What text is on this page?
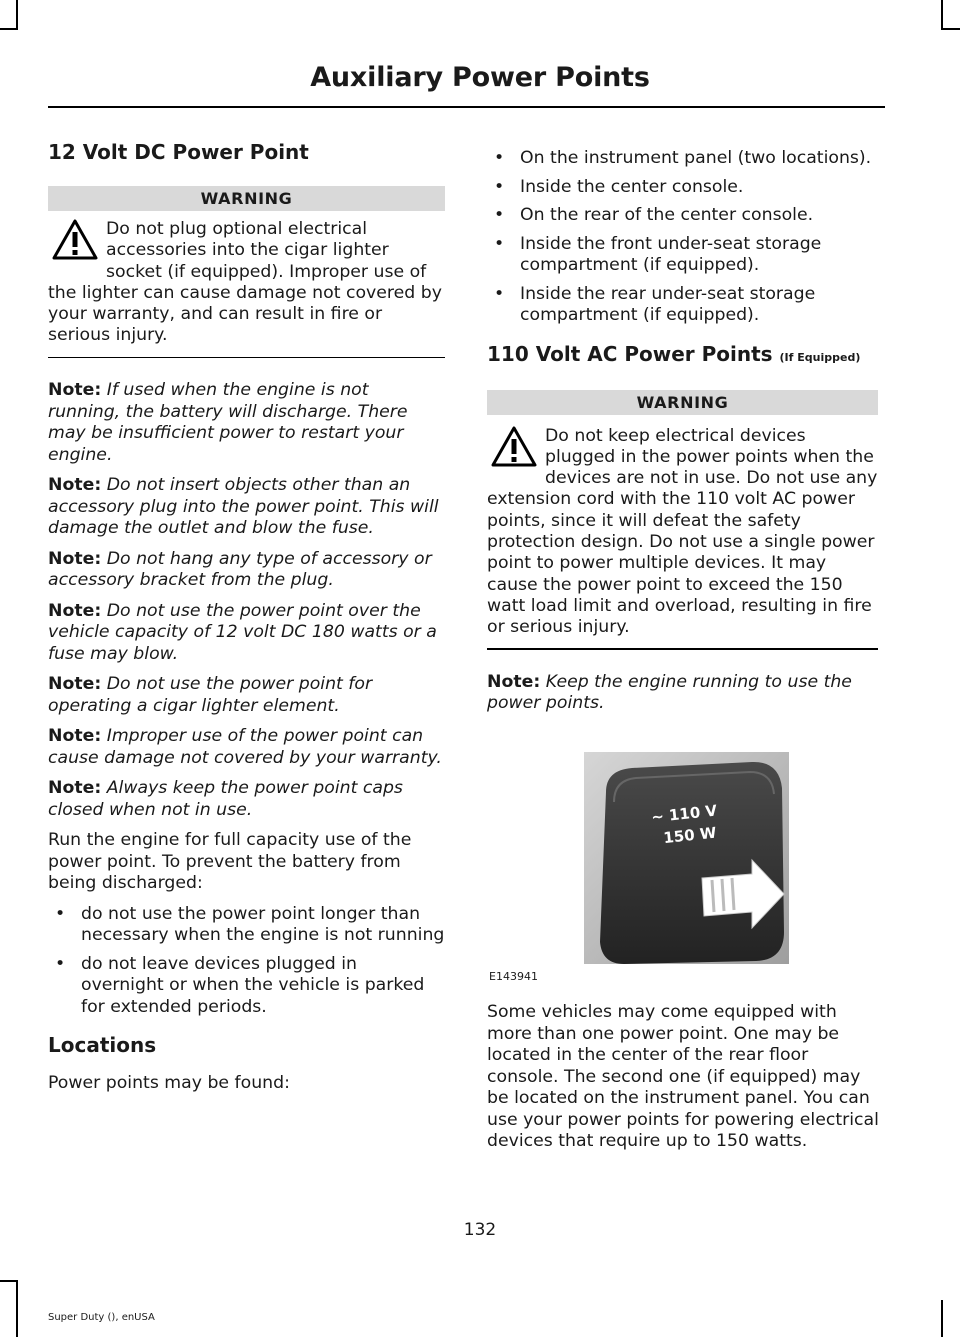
Auxiliary Power Points
12 Volt DC Power Point
WARNING
Do not plug optional electrical accessories into the cigar lighter socket (if equipped). Improper use of the lighter can cause damage not covered by your warranty, and can result in fire or serious injury.

Note: If used when the engine is not running, the battery will discharge. There may be insufficient power to restart your engine.

Note: Do not insert objects other than an accessory plug into the power point. This will damage the outlet and blow the fuse.

Note: Do not hang any type of accessory or accessory bracket from the plug.

Note: Do not use the power point over the vehicle capacity of 12 volt DC 180 watts or a fuse may blow.

Note: Do not use the power point for operating a cigar lighter element.

Note: Improper use of the power point can cause damage not covered by your warranty.

Note: Always keep the power point caps closed when not in use.

Run the engine for full capacity use of the power point. To prevent the battery from being discharged:

• do not use the power point longer than necessary when the engine is not running
• do not leave devices plugged in overnight or when the vehicle is parked for extended periods.
Locations

Power points may be found:

• On the instrument panel (two locations).
• Inside the center console.
• On the rear of the center console.
• Inside the front under-seat storage compartment (if equipped).
• Inside the rear under-seat storage compartment (if equipped).
110 Volt AC Power Points (If Equipped)
WARNING
Do not keep electrical devices plugged in the power points when the devices are not in use. Do not use any extension cord with the 110 volt AC power points, since it will defeat the safety protection design. Do not use a single power point to power multiple devices. It may cause the power point to exceed the 150 watt load limit and overload, resulting in fire or serious injury.

Note: Keep the engine running to use the power points.

~ 110 V
150 W
E143941

Some vehicles may come equipped with more than one power point. One may be located in the center of the rear floor console. The second one (if equipped) may be located on the instrument panel. You can use your power points for powering electrical devices that require up to 150 watts.

132
Super Duty (), enUSA
